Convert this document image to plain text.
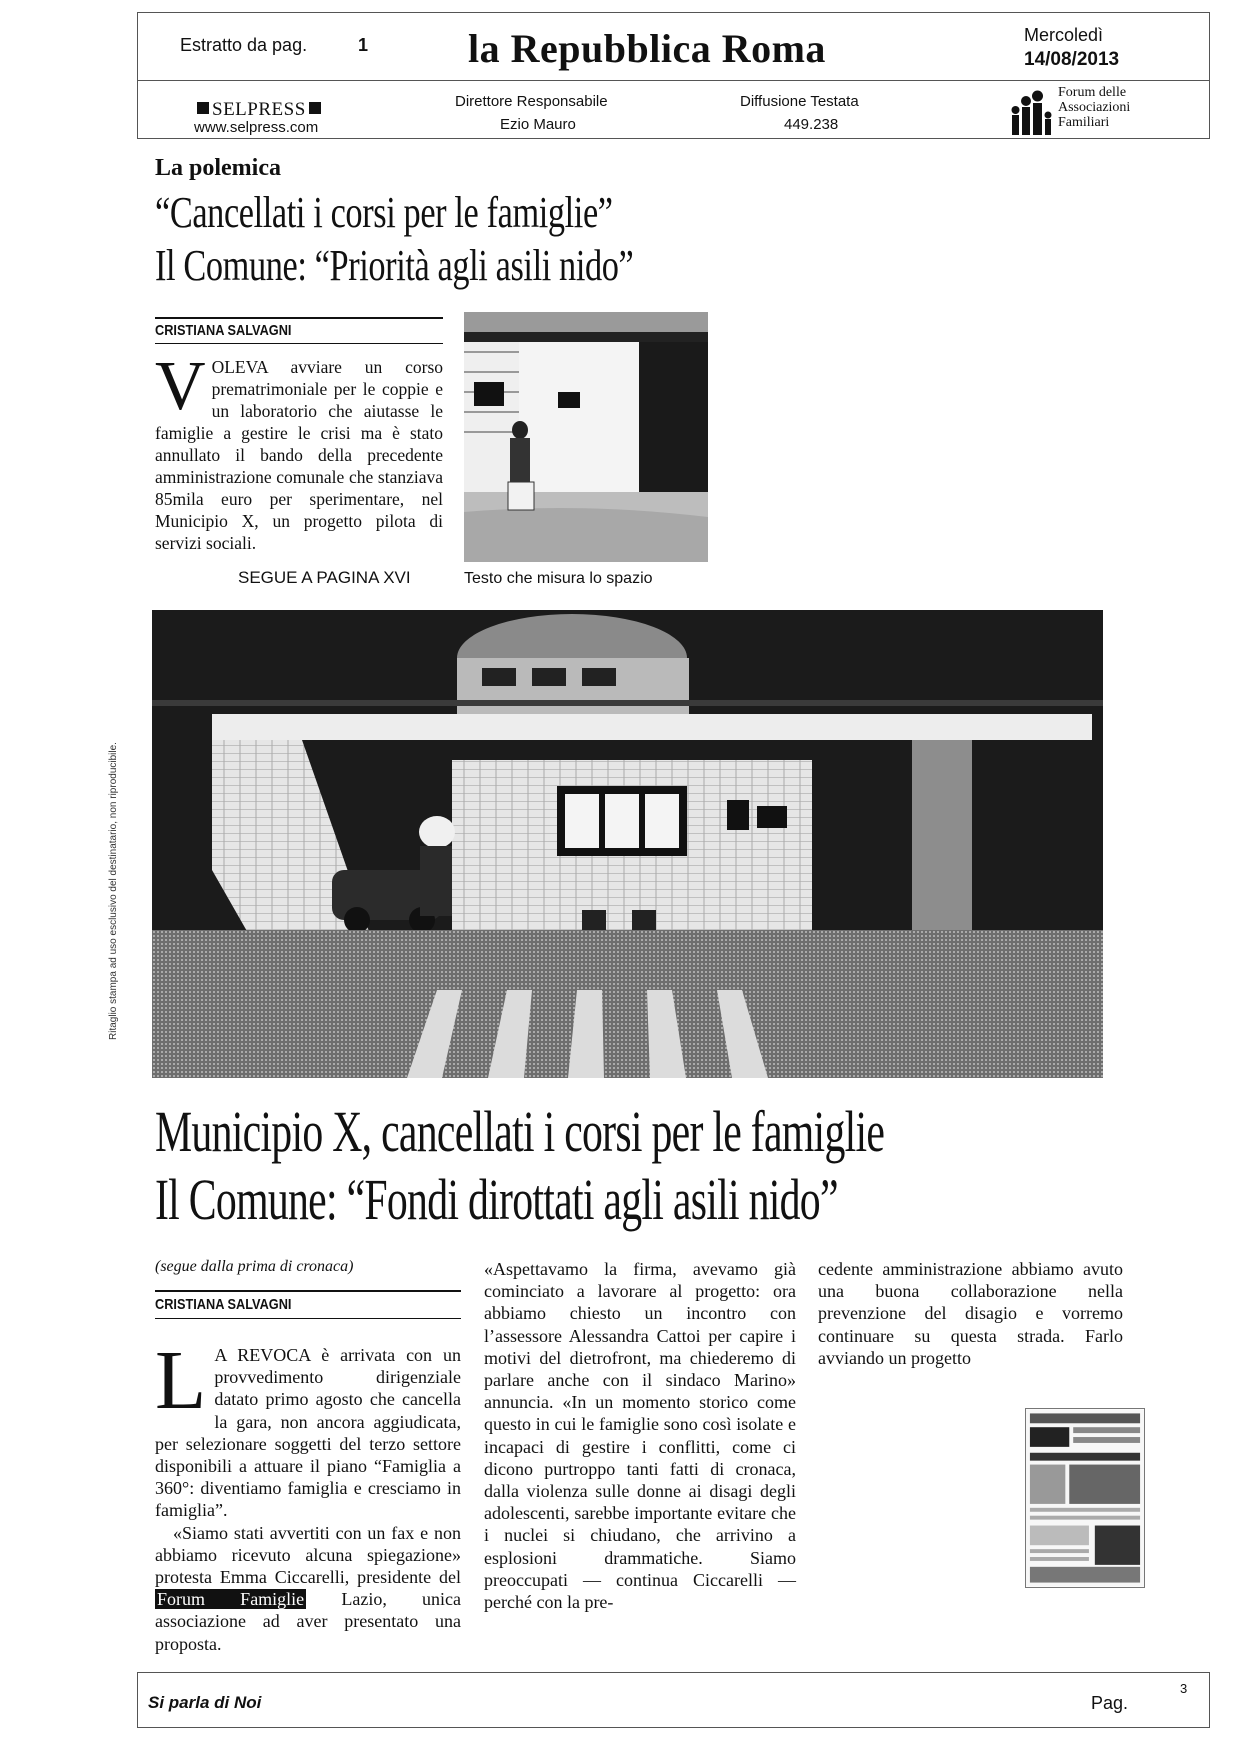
Estratto da pag.	1 la Repubblica Roma	Mercoledì
14/08/2013
SELPRESS
www.selpress.com
Direttore Responsabile
Ezio Mauro
Diffusione Testata
449.238
Forum delle
Associazioni
Familiari
Ritaglio stampa ad uso esclusivo del destinatario, non riproducibile.
La polemica
“Cancellati i corsi per le famiglie”
Il Comune: “Priorità agli asili nido”
CRISTIANA SALVAGNI
VOLEVA avviare un corso prematrimoniale per le coppie e un laboratorio che aiutasse le famiglie a gestire le crisi ma è stato annullato il bando della precedente amministrazione comunale che stanziava 85mila euro per sperimentare, nel Municipio X, un progetto pilota di servizi sociali.
SEGUE A PAGINA XVI	Testo che misura lo spazio
Municipio X, cancellati i corsi per le famiglie
Il Comune: “Fondi dirottati agli asili nido”
(segue dalla prima di cronaca)
CRISTIANA SALVAGNI

L A REVOCA è arrivata con un provvedimento dirigenziale datato primo agosto che cancella la gara, non ancora aggiudicata, per selezionare soggetti del terzo settore disponibili a attuare il piano “Famiglia a 360°: diventiamo famiglia e cresciamo in famiglia”.

«Siamo stati avvertiti con un fax e non abbiamo ricevuto alcuna spiegazione» protesta Emma Ciccarelli, presidente del Forum Famiglie Lazio, unica associazione ad aver presentato una proposta.

«Aspettavamo la firma, avevamo già cominciato a lavorare al progetto: ora abbiamo chiesto un incontro con l’assessore Alessandra Cattoi per capire i motivi del dietrofront, ma chiederemo di parlare anche con il sindaco Marino» annuncia. «In un momento storico come questo in cui le famiglie sono così isolate e incapaci di gestire i conflitti, come ci dicono purtroppo tanti fatti di cronaca, dalla violenza sulle donne ai disagi degli adolescenti, sarebbe importante evitare che i nuclei si chiudano, che arrivino a esplosioni drammatiche. Siamo preoccupati — continua Ciccarelli — perché con la pre-

cedente amministrazione abbiamo avuto una buona collaborazione nella prevenzione del disagio e vorremo continuare su questa strada. Farlo avviando un progetto

Si parla di Noi	Pag.
3
